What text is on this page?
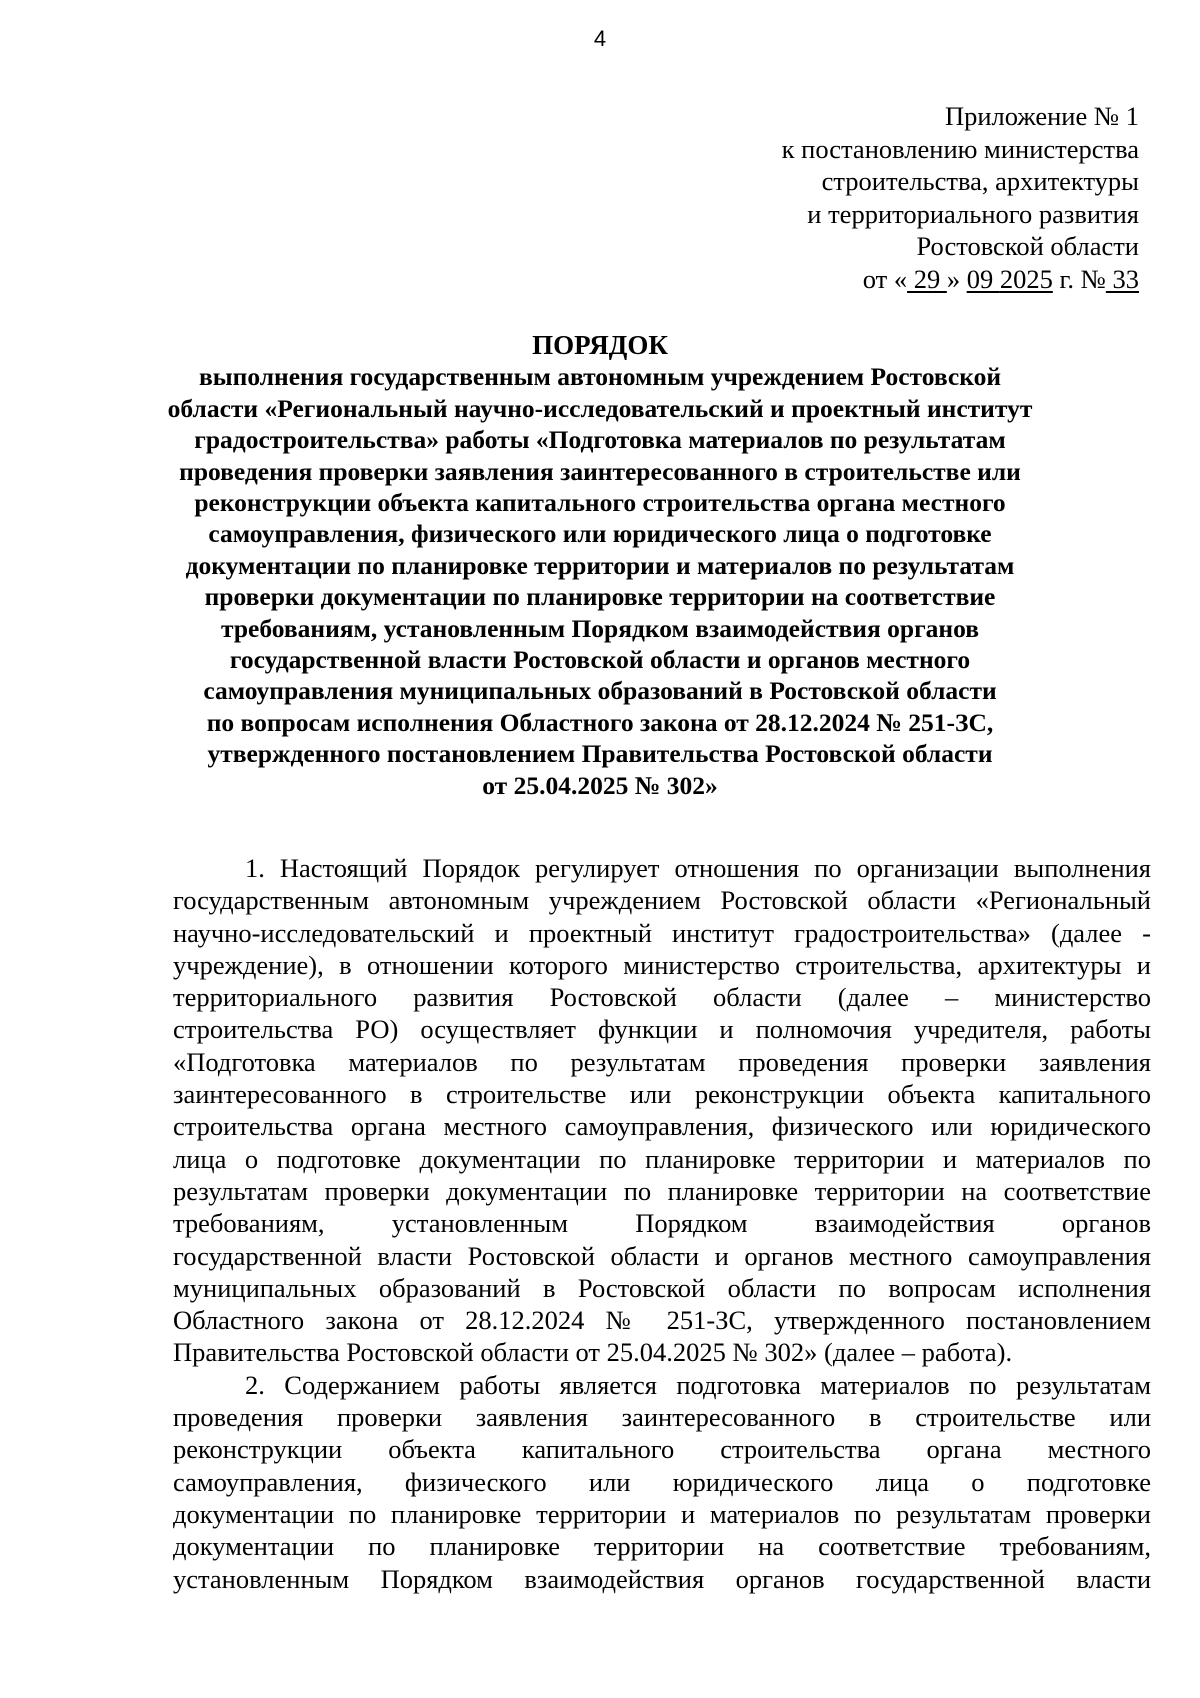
4
Приложение № 1
к постановлению министерства
строительства, архитектуры
и территориального развития
Ростовской области
от « 29 » 09 2025 г. № 33
ПОРЯДОК
выполнения государственным автономным учреждением Ростовской
области «Региональный научно-исследовательский и проектный институт
градостроительства» работы «Подготовка материалов по результатам
проведения проверки заявления заинтересованного в строительстве или
реконструкции объекта капитального строительства органа местного
самоуправления, физического или юридического лица о подготовке
документации по планировке территории и материалов по результатам
проверки документации по планировке территории на соответствие
требованиям, установленным Порядком взаимодействия органов
государственной власти Ростовской области и органов местного
самоуправления муниципальных образований в Ростовской области
по вопросам исполнения Областного закона от 28.12.2024 № 251-ЗС,
утвержденного постановлением Правительства Ростовской области
от 25.04.2025 № 302»
1. Настоящий Порядок регулирует отношения по организации выполнения
государственным автономным учреждением Ростовской области «Региональный
научно-исследовательский и проектный институт градостроительства» (далее -
учреждение), в отношении которого министерство строительства, архитектуры и
территориального развития Ростовской области (далее – министерство
строительства РО) осуществляет функции и полномочия учредителя, работы
«Подготовка материалов по результатам проведения проверки заявления
заинтересованного в строительстве или реконструкции объекта капитального
строительства органа местного самоуправления, физического или юридического
лица о подготовке документации по планировке территории и материалов по
результатам проверки документации по планировке территории на соответствие
требованиям, установленным Порядком взаимодействия органов
государственной власти Ростовской области и органов местного самоуправления
муниципальных образований в Ростовской области по вопросам исполнения
Областного закона от 28.12.2024 № 251-ЗС, утвержденного постановлением
Правительства Ростовской области от 25.04.2025 № 302» (далее – работа).
2. Содержанием работы является подготовка материалов по результатам
проведения проверки заявления заинтересованного в строительстве или
реконструкции объекта капитального строительства органа местного
самоуправления, физического или юридического лица о подготовке
документации по планировке территории и материалов по результатам проверки
документации по планировке территории на соответствие требованиям,
установленным Порядком взаимодействия органов государственной власти
